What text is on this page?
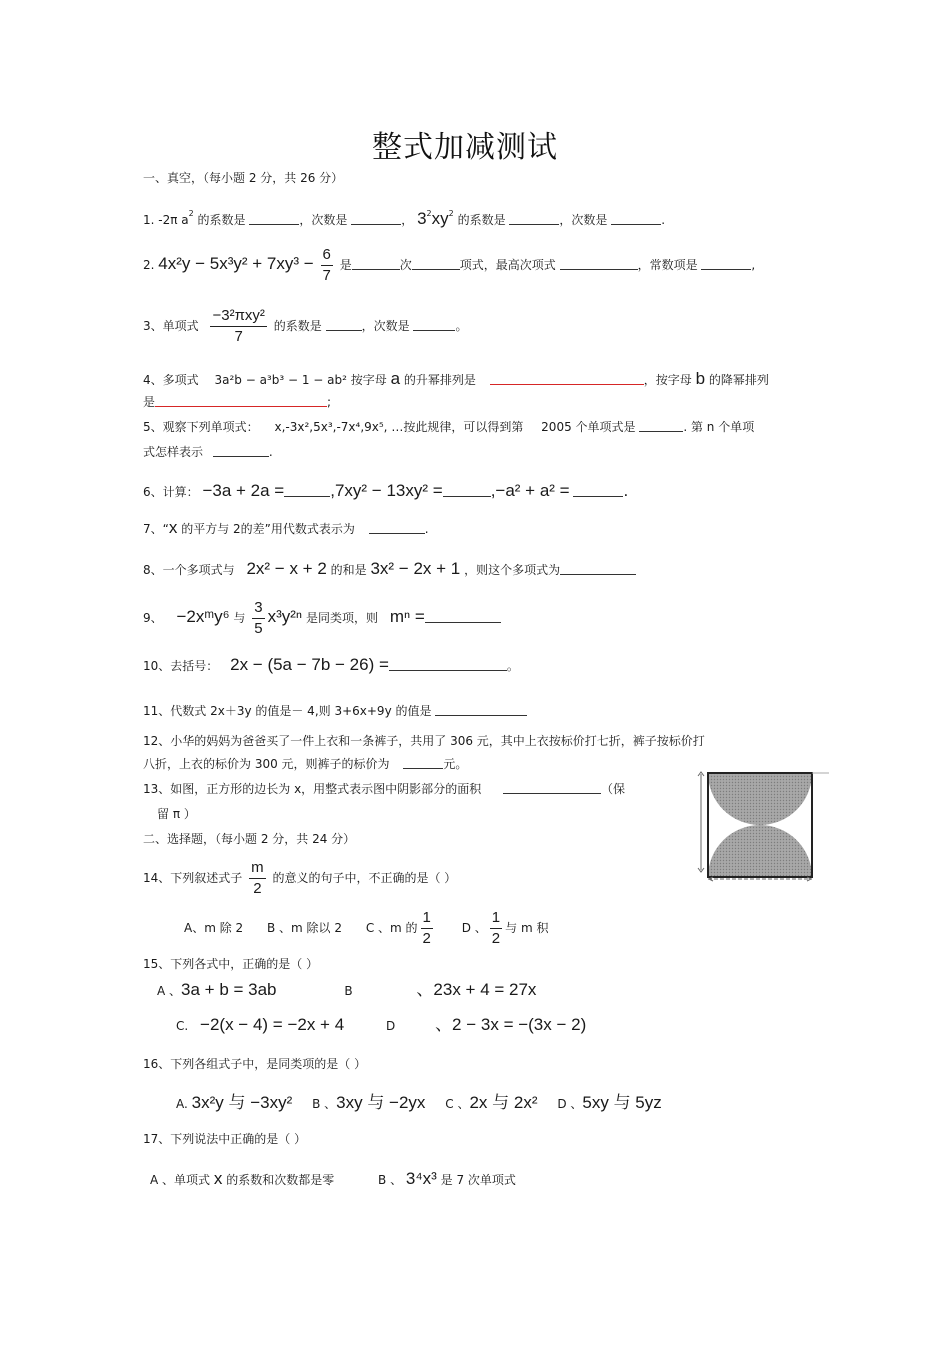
整式加减测试
一、真空，（每小题 2 分，共 26 分）
1. -2π $a^2$ 的系数是	，次数是	， $3^2xy^2$ 的系数是	，次数是	.
2. $4x^2y - 5x^3y^2 + 7xy^3 - \frac{6}{7}$ 是	次	项式，最高次项式	，常数项是	,
3、单项式 $\frac{\text{−3²πxy²}}{7}$ 的系数是	，次数是	。
4、多项式 3a²b − a³b³ − 1 − ab² 按字母 a 的升幂排列是	，按字母 b 的降幂排列
是	;
5、观察下列单项式： x,-3x²,5x³,-7x⁴,9x⁵, …按此规律，可以得到第 2005 个单项式是	. 第 n 个单项
式怎样表示	.
6、计算： −3a + 2a =	,7xy² − 13xy² =	,−a² + a² =	.
7、“x 的平方与 2的差”用代数式表示为	.
8、一个多项式与 2x² − x + 2 的和是 3x² − 2x + 1 ，则这个多项式为
9、 −2xᵐy⁶ 与 $\frac{3}{5} x^3y^{2n}$ 是同类项，则 mⁿ =
10、去括号： 2x − (5a − 7b − 26) =	。
11、代数式 2x＋3y 的值是－ 4,则 3+6x+9y 的值是
12、小华的妈妈为爸爸买了一件上衣和一条裤子，共用了 306 元，其中上衣按标价打七折，裤子按标价打
八折，上衣的标价为 300 元，则裤子的标价为	元。
13、如图，正方形的边长为 x，用整式表示图中阴影部分的面积	（保
留 π ）
二、选择题，（每小题 2 分，共 24 分）
14、下列叙述式子 $\frac{m}{2}$ 的意义的句子中，不正确的是（ ）
A、m 除 2 B 、m 除以 2 C 、m 的 $\frac{1}{2}$ D 、 $\frac{1}{2}$ 与 m 积
15、下列各式中，正确的是（ ）
A 、3a + b = 3ab	B	、23x + 4 = 27x
C. −2(x − 4) = −2x + 4	D 、2 − 3x = −(3x − 2)
16、下列各组式子中，是同类项的是（ ）
A. 3x²y 与 −3xy² B 、3xy 与 −2yx C 、2x 与 2x² D 、5xy 与 5yz
17、下列说法中正确的是（ ）
A 、单项式 x 的系数和次数都是零	B 、 3⁴x³ 是 7 次单项式
